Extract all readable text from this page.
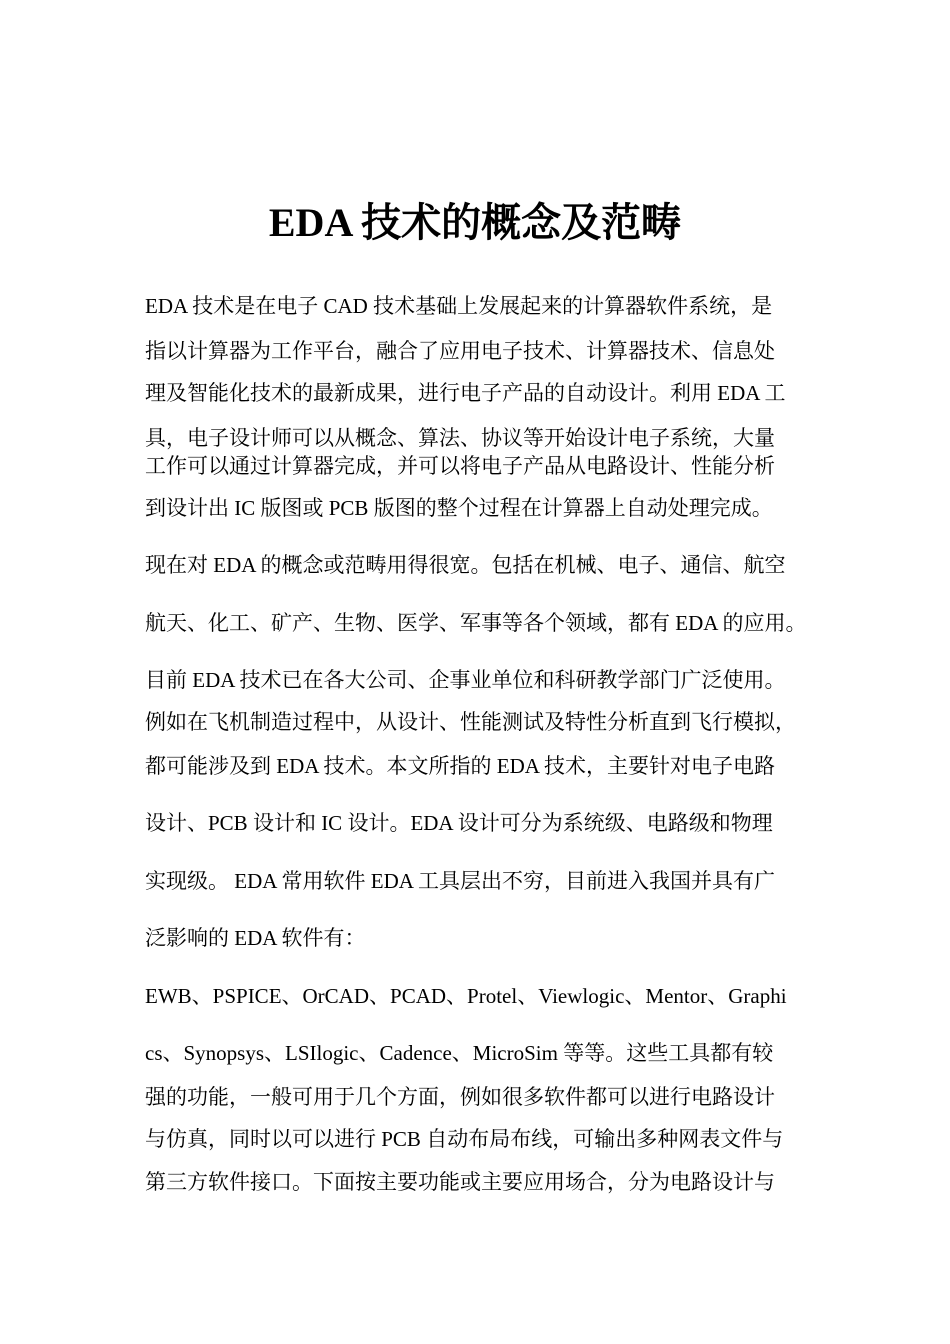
EDA 技术的概念及范畴
EDA 技术是在电子 CAD 技术基础上发展起来的计算器软件系统，是
指以计算器为工作平台，融合了应用电子技术、计算器技术、信息处
理及智能化技术的最新成果，进行电子产品的自动设计。利用 EDA 工
具，电子设计师可以从概念、算法、协议等开始设计电子系统，大量
工作可以通过计算器完成，并可以将电子产品从电路设计、性能分析
到设计出 IC 版图或 PCB 版图的整个过程在计算器上自动处理完成。
现在对 EDA 的概念或范畴用得很宽。包括在机械、电子、通信、航空
航天、化工、矿产、生物、医学、军事等各个领域，都有 EDA 的应用。
目前 EDA 技术已在各大公司、企事业单位和科研教学部门广泛使用。
例如在飞机制造过程中，从设计、性能测试及特性分析直到飞行模拟，
都可能涉及到 EDA 技术。本文所指的 EDA 技术，主要针对电子电路
设计、PCB 设计和 IC 设计。EDA 设计可分为系统级、电路级和物理
实现级。 EDA 常用软件 EDA 工具层出不穷，目前进入我国并具有广
泛影响的 EDA 软件有：
EWB、PSPICE、OrCAD、PCAD、Protel、Viewlogic、Mentor、Graphi
cs、Synopsys、LSIlogic、Cadence、MicroSim 等等。这些工具都有较
强的功能，一般可用于几个方面，例如很多软件都可以进行电路设计
与仿真，同时以可以进行 PCB 自动布局布线，可输出多种网表文件与
第三方软件接口。下面按主要功能或主要应用场合，分为电路设计与
